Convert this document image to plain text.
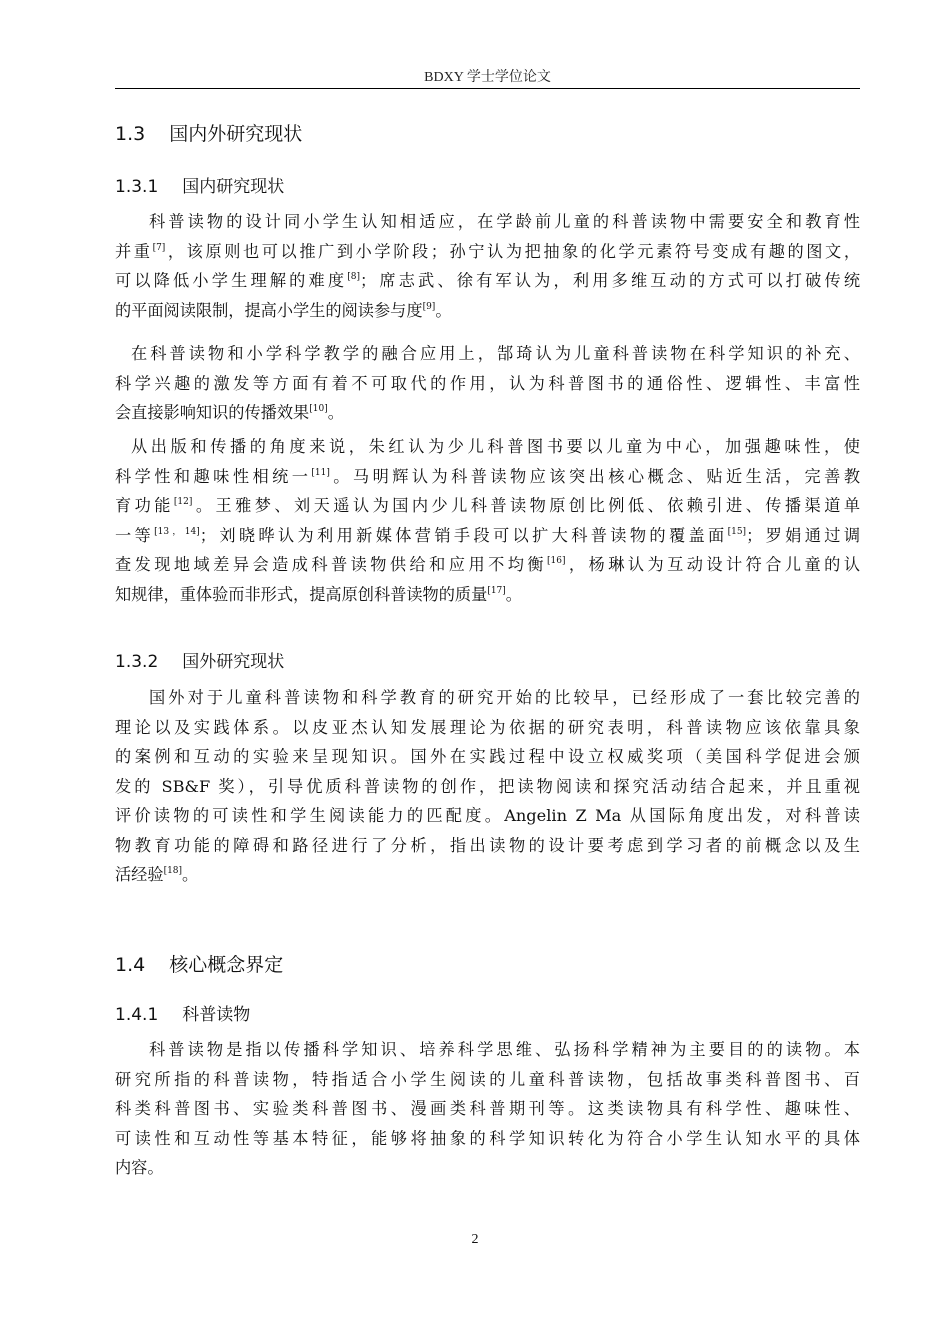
BDXY 学士学位论文
1.3 国内外研究现状
1.3.1 国内研究现状
科普读物的设计同小学生认知相适应，在学龄前儿童的科普读物中需要安全和教育性
并重[7]，该原则也可以推广到小学阶段；孙宁认为把抽象的化学元素符号变成有趣的图文，
可以降低小学生理解的难度[8]；席志武、徐有军认为，利用多维互动的方式可以打破传统
的平面阅读限制，提高小学生的阅读参与度[9]。
在科普读物和小学科学教学的融合应用上，郜琦认为儿童科普读物在科学知识的补充、
科学兴趣的激发等方面有着不可取代的作用，认为科普图书的通俗性、逻辑性、丰富性
会直接影响知识的传播效果[10]。
从出版和传播的角度来说，朱红认为少儿科普图书要以儿童为中心，加强趣味性，使
科学性和趣味性相统一[11]。马明辉认为科普读物应该突出核心概念、贴近生活，完善教
育功能[12]。王雅梦、刘天遥认为国内少儿科普读物原创比例低、依赖引进、传播渠道单
一等[13，14]；刘晓晔认为利用新媒体营销手段可以扩大科普读物的覆盖面[15]；罗娟通过调
查发现地域差异会造成科普读物供给和应用不均衡[16]，杨琳认为互动设计符合儿童的认
知规律，重体验而非形式，提高原创科普读物的质量[17]。
1.3.2 国外研究现状
国外对于儿童科普读物和科学教育的研究开始的比较早，已经形成了一套比较完善的
理论以及实践体系。以皮亚杰认知发展理论为依据的研究表明，科普读物应该依靠具象
的案例和互动的实验来呈现知识。国外在实践过程中设立权威奖项（美国科学促进会颁
发的 SB&F 奖），引导优质科普读物的创作，把读物阅读和探究活动结合起来，并且重视
评价读物的可读性和学生阅读能力的匹配度。Angelin Z Ma 从国际角度出发，对科普读
物教育功能的障碍和路径进行了分析，指出读物的设计要考虑到学习者的前概念以及生
活经验[18]。
1.4 核心概念界定
1.4.1 科普读物
科普读物是指以传播科学知识、培养科学思维、弘扬科学精神为主要目的的读物。本
研究所指的科普读物，特指适合小学生阅读的儿童科普读物，包括故事类科普图书、百
科类科普图书、实验类科普图书、漫画类科普期刊等。这类读物具有科学性、趣味性、
可读性和互动性等基本特征，能够将抽象的科学知识转化为符合小学生认知水平的具体
内容。
2
